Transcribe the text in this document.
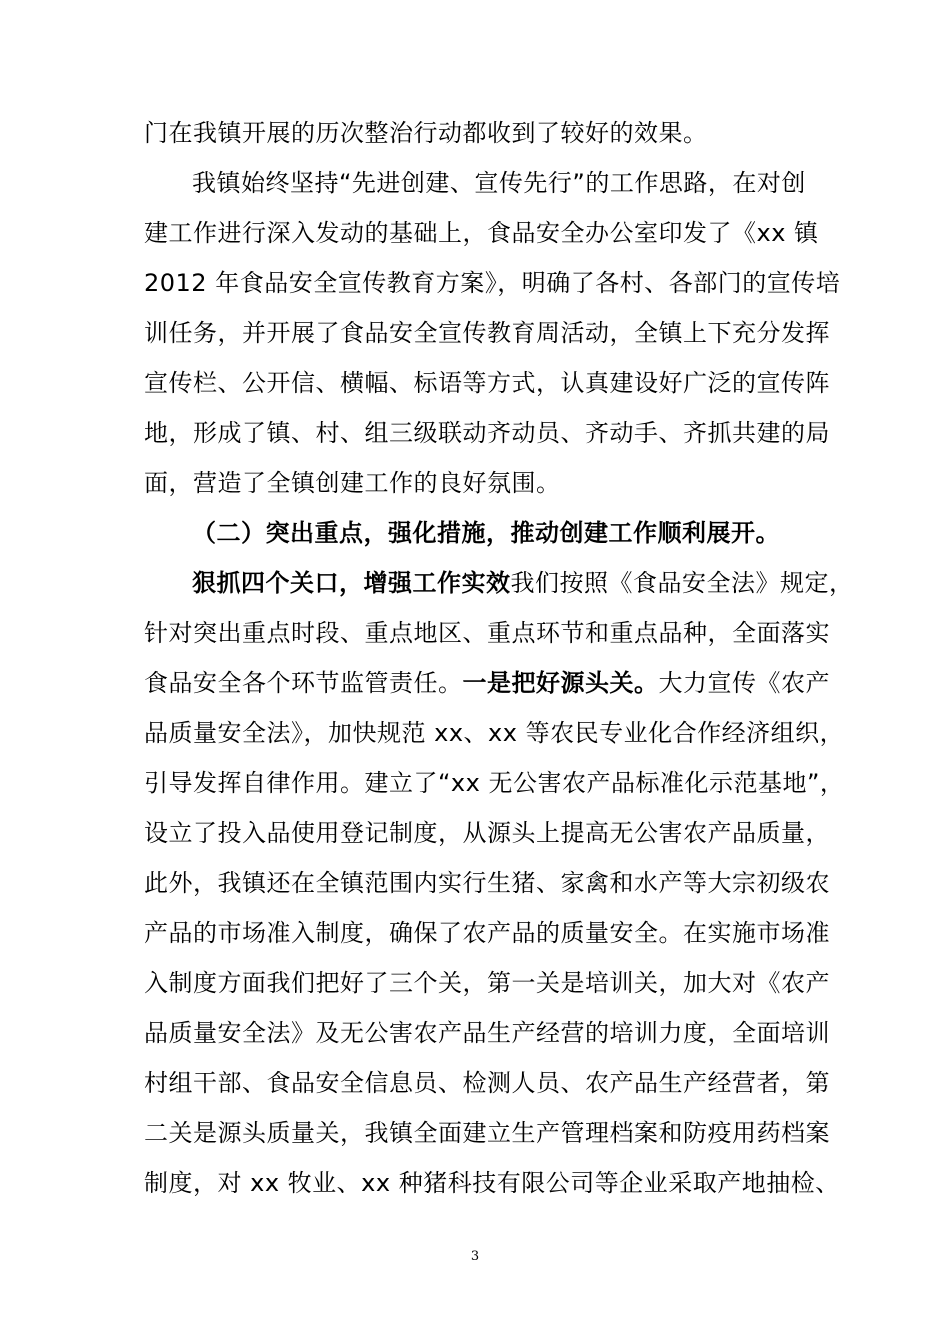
门在我镇开展的历次整治行动都收到了较好的效果。
我镇始终坚持“先进创建、宣传先行”的工作思路，在对创
建工作进行深入发动的基础上，食品安全办公室印发了《xx 镇
2012 年食品安全宣传教育方案》，明确了各村、各部门的宣传培
训任务，并开展了食品安全宣传教育周活动，全镇上下充分发挥
宣传栏、公开信、横幅、标语等方式，认真建设好广泛的宣传阵
地，形成了镇、村、组三级联动齐动员、齐动手、齐抓共建的局
面，营造了全镇创建工作的良好氛围。
（二）突出重点，强化措施，推动创建工作顺利展开。
狠抓四个关口，增强工作实效我们按照《食品安全法》规定，
针对突出重点时段、重点地区、重点环节和重点品种，全面落实
食品安全各个环节监管责任。一是把好源头关。大力宣传《农产
品质量安全法》，加快规范 xx、xx 等农民专业化合作经济组织，
引导发挥自律作用。建立了“xx 无公害农产品标准化示范基地”，
设立了投入品使用登记制度，从源头上提高无公害农产品质量，
此外，我镇还在全镇范围内实行生猪、家禽和水产等大宗初级农
产品的市场准入制度，确保了农产品的质量安全。在实施市场准
入制度方面我们把好了三个关，第一关是培训关，加大对《农产
品质量安全法》及无公害农产品生产经营的培训力度，全面培训
村组干部、食品安全信息员、检测人员、农产品生产经营者，第
二关是源头质量关，我镇全面建立生产管理档案和防疫用药档案
制度，对 xx 牧业、xx 种猪科技有限公司等企业采取产地抽检、
3
